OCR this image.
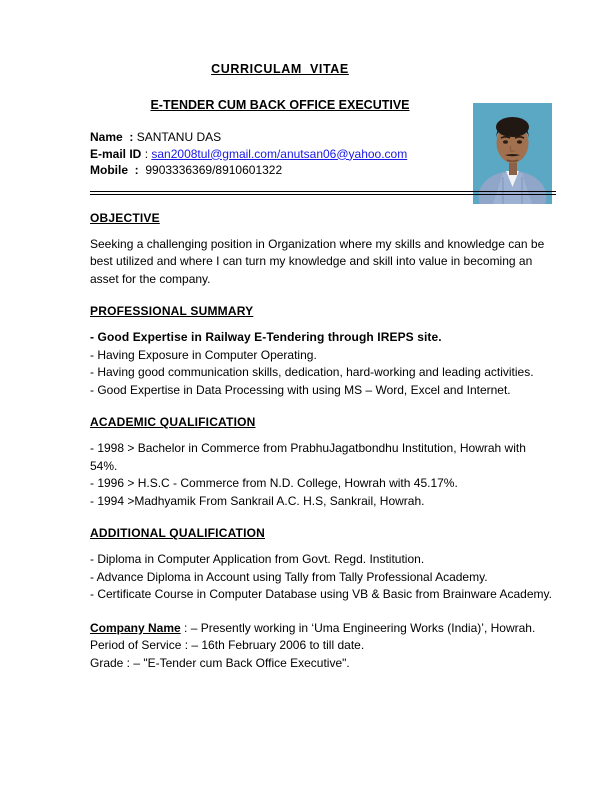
CURRICULAM  VITAE
E-TENDER CUM BACK OFFICE EXECUTIVE
Name  : SANTANU DAS
E-mail ID : san2008tul@gmail.com/anutsan06@yahoo.com
Mobile  :  9903336369/8910601322
OBJECTIVE

Seeking a challenging position in Organization where my skills and knowledge can be best utilized and where I can turn my knowledge and skill into value in becoming an asset for the company.

PROFESSIONAL SUMMARY
- Good Expertise in Railway E-Tendering through IREPS site.
- Having Exposure in Computer Operating.
- Having good communication skills, dedication, hard-working and leading activities.
- Good Expertise in Data Processing with using MS – Word, Excel and Internet.
ACADEMIC QUALIFICATION
- 1998 > Bachelor in Commerce from PrabhuJagatbondhu Institution, Howrah with 54%.
- 1996 > H.S.C - Commerce from N.D. College, Howrah with 45.17%.
- 1994 >Madhyamik From Sankrail A.C. H.S, Sankrail, Howrah.
ADDITIONAL QUALIFICATION
- Diploma in Computer Application from Govt. Regd. Institution.
- Advance Diploma in Account using Tally from Tally Professional Academy.
- Certificate Course in Computer Database using VB & Basic from Brainware Academy.

Company Name : – Presently working in ‘Uma Engineering Works (India)’, Howrah.

Period of Service : – 16th February 2006 to till date.

Grade : – "E-Tender cum Back Office Executive".
